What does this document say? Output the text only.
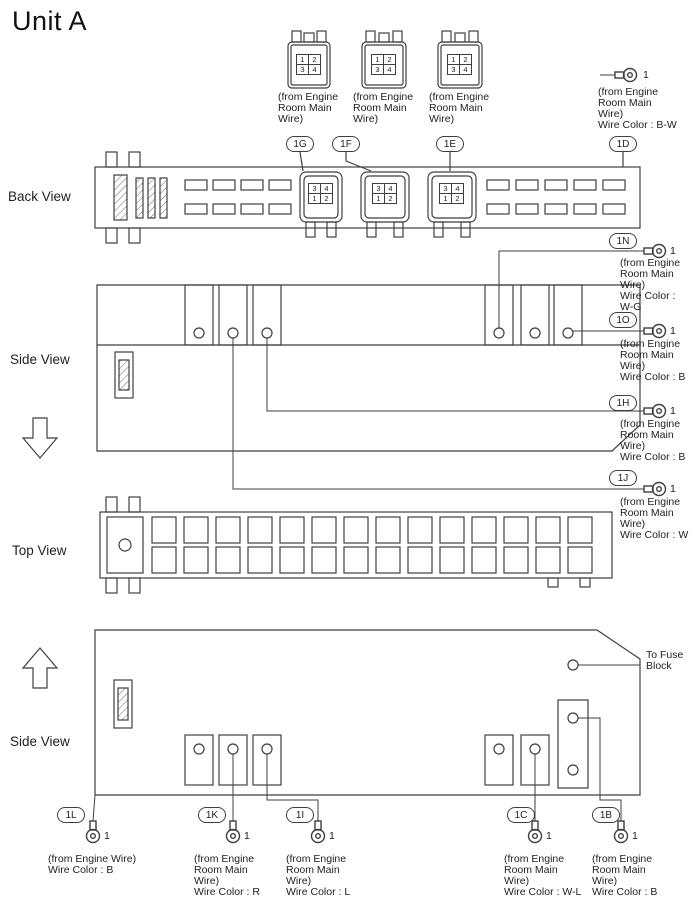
Unit A
Back View
Side View
Top View
Side View
(from Engine
Room Main
Wire)
(from Engine
Room Main
Wire)
(from Engine
Room Main
Wire)
1	2
3	4
1	2
3	4
1	2
3	4
3	4
1	2
3	4
1	2
3	4
1	2
1G	1F	1E	1D
1N
1O
1H
1J
1L	1K	1I	1C	1B
1
1
1
1
1
1	1	1	1	1
(from Engine
Room Main
Wire)
Wire Color : B-W
(from Engine
Room Main
Wire)
Wire Color :
W-G
(from Engine
Room Main
Wire)
Wire Color : B
(from Engine
Room Main
Wire)
Wire Color : B
(from Engine
Room Main
Wire)
Wire Color : W
(from Engine Wire)
Wire Color : B
(from Engine
Room Main
Wire)
Wire Color : R
(from Engine
Room Main
Wire)
Wire Color : L
(from Engine
Room Main
Wire)
Wire Color : W-L
(from Engine
Room Main
Wire)
Wire Color : B
To Fuse
Block
